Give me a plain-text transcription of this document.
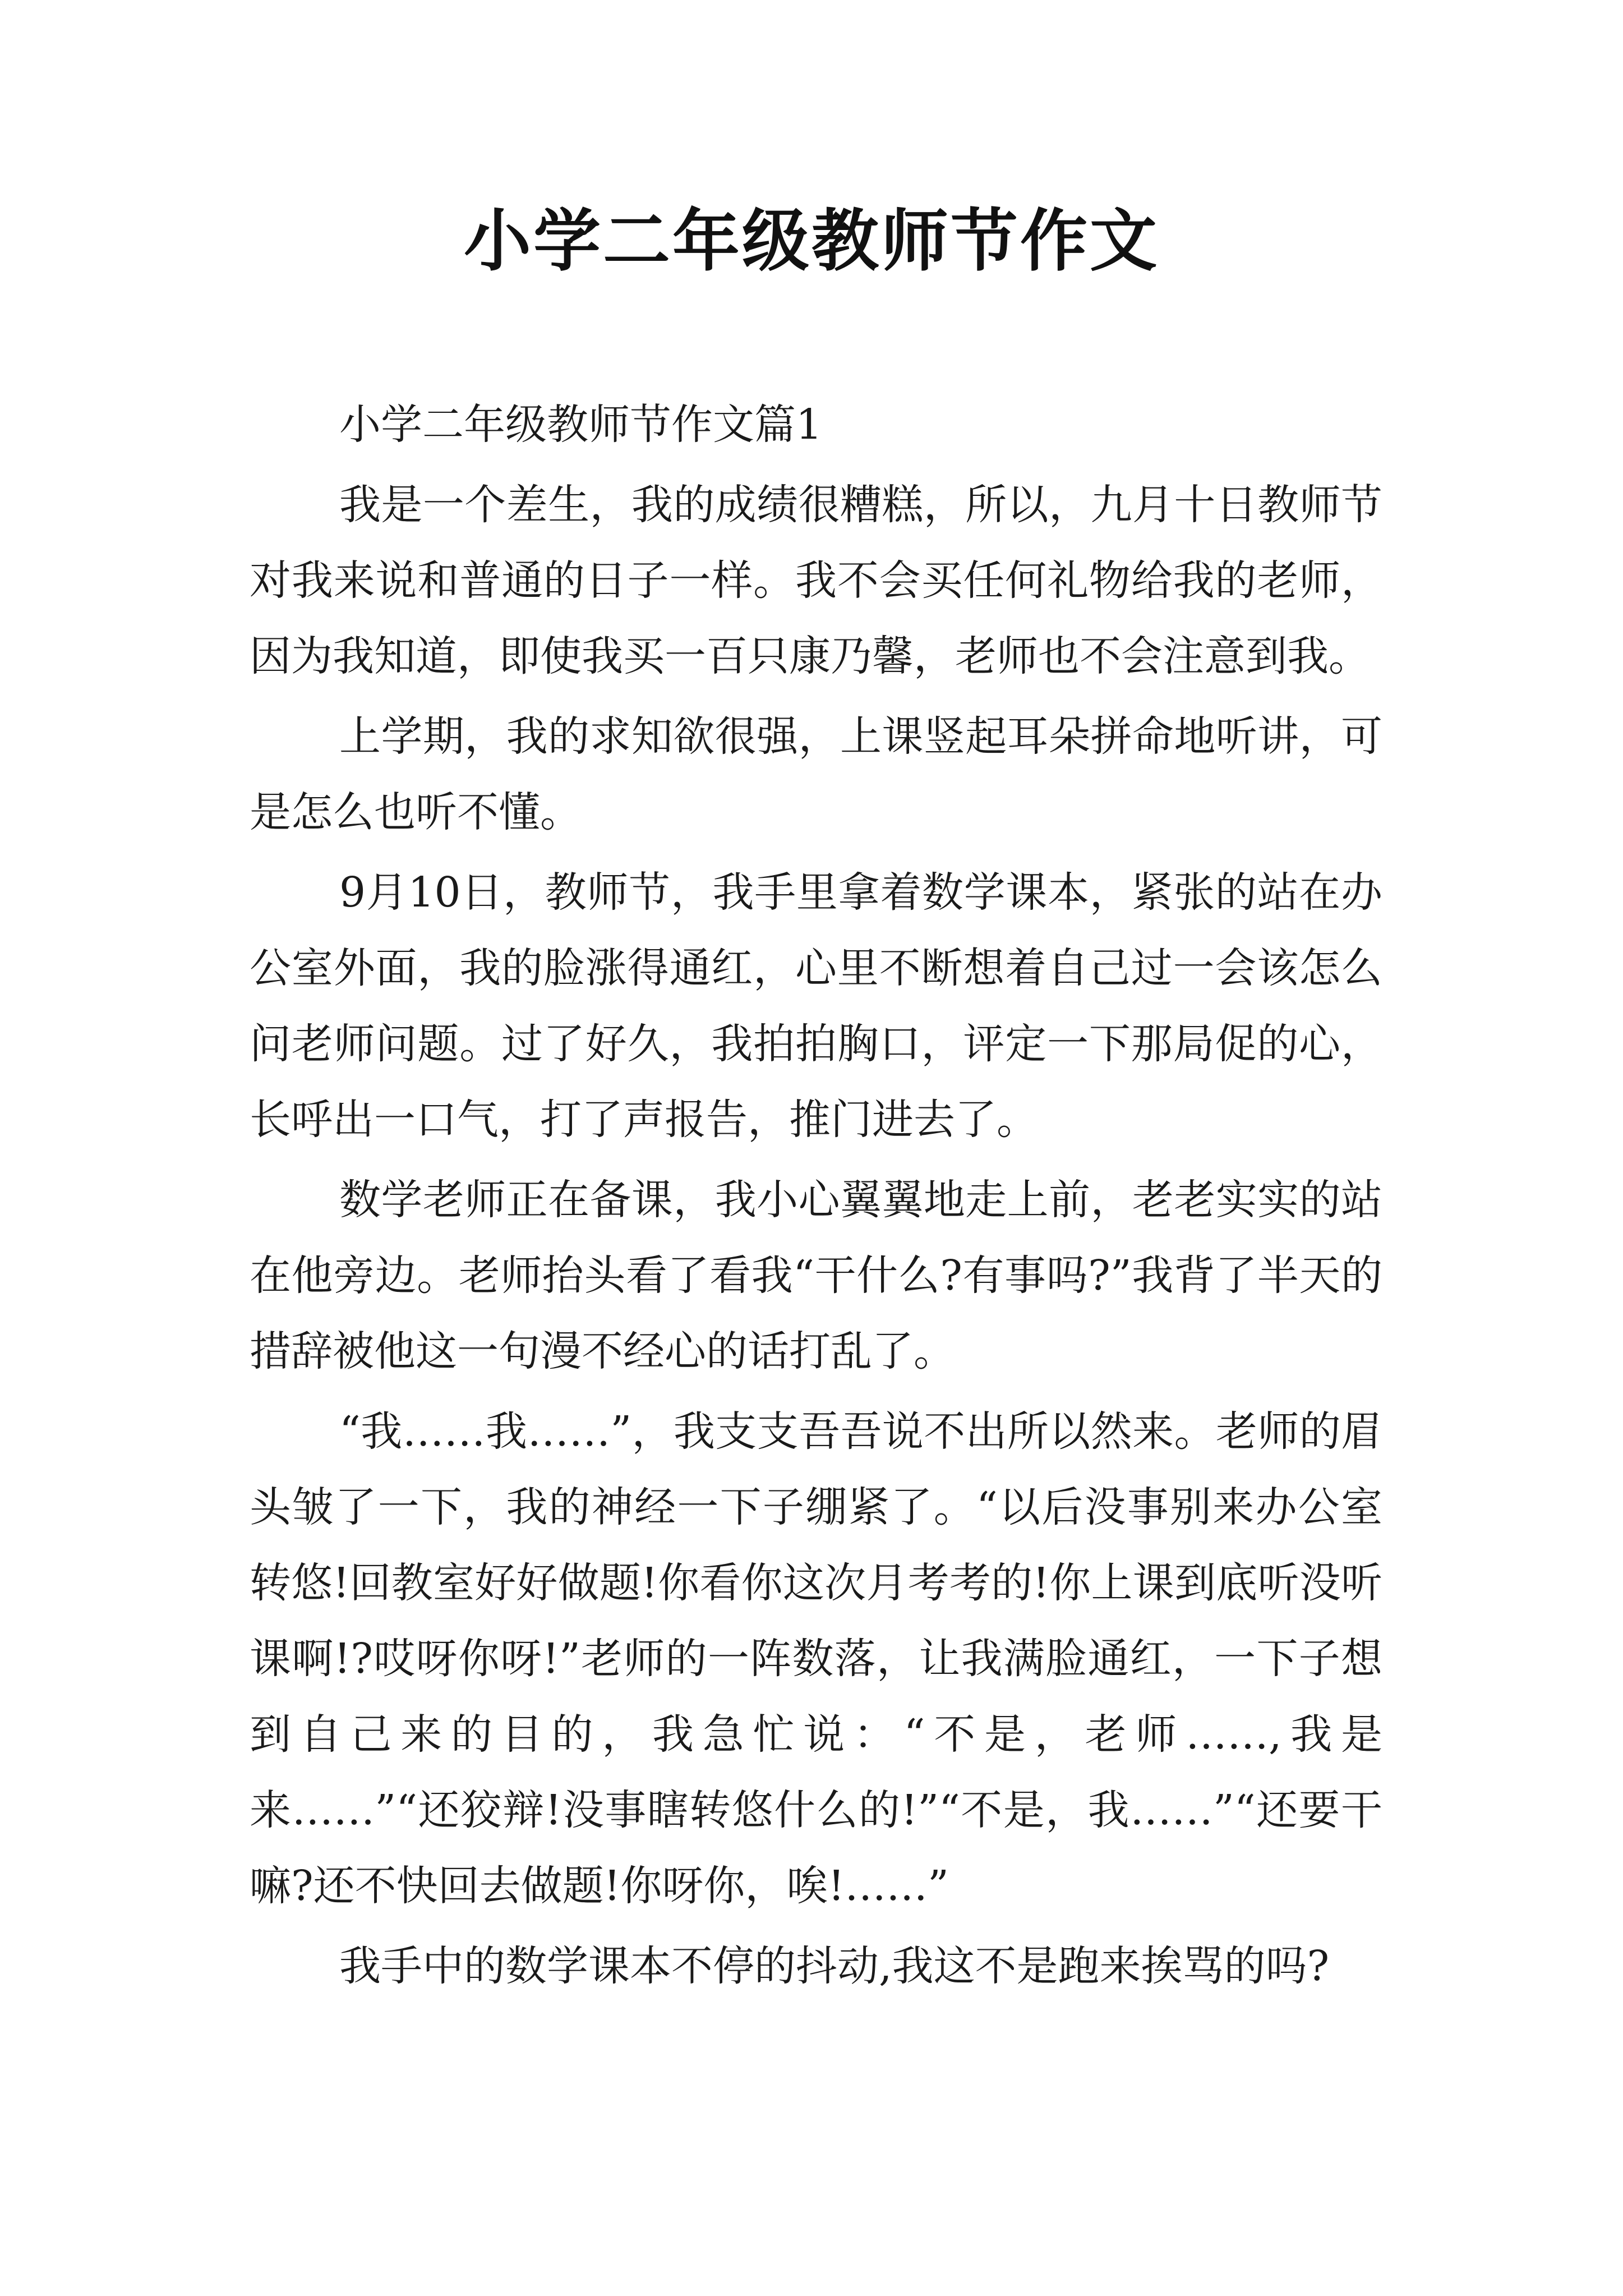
小学二年级教师节作文

小学二年级教师节作文篇1

我是一个差生，我的成绩很糟糕，所以，九月十日教师节对我来说和普通的日子一样。我不会买任何礼物给我的老师，因为我知道，即使我买一百只康乃馨，老师也不会注意到我。

上学期，我的求知欲很强，上课竖起耳朵拼命地听讲，可是怎么也听不懂。

9月10日，教师节，我手里拿着数学课本，紧张的站在办公室外面，我的脸涨得通红，心里不断想着自己过一会该怎么问老师问题。过了好久，我拍拍胸口，评定一下那局促的心，长呼出一口气，打了声报告，推门进去了。

数学老师正在备课，我小心翼翼地走上前，老老实实的站在他旁边。老师抬头看了看我“干什么?有事吗?”我背了半天的措辞被他这一句漫不经心的话打乱了。

“我……我……”，我支支吾吾说不出所以然来。老师的眉头皱了一下，我的神经一下子绷紧了。“以后没事别来办公室转悠!回教室好好做题!你看你这次月考考的!你上课到底听没听课啊!?哎呀你呀!”老师的一阵数落，让我满脸通红，一下子想到自己来的目的，我急忙说：“不是，老师……,我是来……”“还狡辩!没事瞎转悠什么的!”“不是，我……”“还要干嘛?还不快回去做题!你呀你，唉!……”

我手中的数学课本不停的抖动,我这不是跑来挨骂的吗?
